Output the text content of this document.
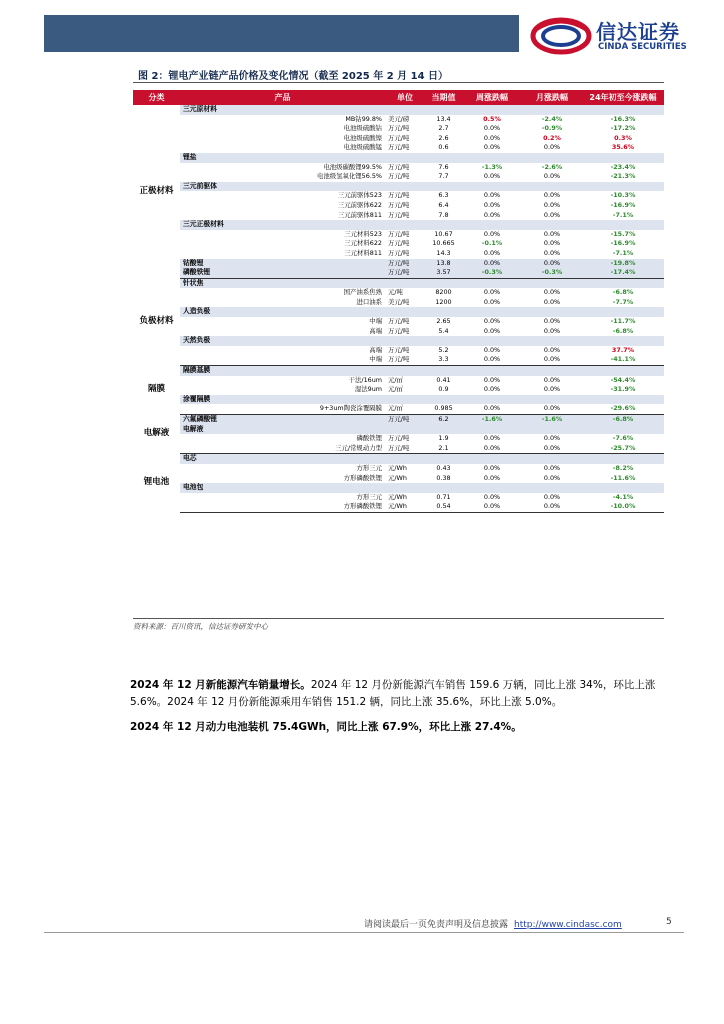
信达证券
CINDA SECURITIES
图 2：锂电产业链产品价格及变化情况（截至 2025 年 2 月 14 日）
分类	产品	单位	当期值	周涨跌幅	月涨跌幅	24年初至今涨跌幅
正极材料	三元原材料					
	MB钴99.8%	美元/磅	13.4	0.5%	-2.4%	-16.3%
	电池级硫酸钴	万元/吨	2.7	0.0%	-0.9%	-17.2%
	电池级硫酸镍	万元/吨	2.6	0.0%	0.2%	0.3%
	电池级硫酸锰	万元/吨	0.6	0.0%	0.0%	35.6%
	锂盐					
	电池级碳酸锂99.5%	万元/吨	7.6	-1.3%	-2.6%	-23.4%
	电池级氢氧化锂56.5%	万元/吨	7.7	0.0%	0.0%	-21.3%
	三元前驱体					
	三元前驱体523	万元/吨	6.3	0.0%	0.0%	-10.3%
	三元前驱体622	万元/吨	6.4	0.0%	0.0%	-16.9%
	三元前驱体811	万元/吨	7.8	0.0%	0.0%	-7.1%
	三元正极材料					
	三元材料523	万元/吨	10.67	0.0%	0.0%	-15.7%
	三元材料622	万元/吨	10.665	-0.1%	0.0%	-16.9%
	三元材料811	万元/吨	14.3	0.0%	0.0%	-7.1%
	钴酸锂	万元/吨	13.8	0.0%	0.0%	-19.8%
	磷酸铁锂	万元/吨	3.57	-0.3%	-0.3%	-17.4%
负极材料	针状焦					
	国产油系焦熟	元/吨	8200	0.0%	0.0%	-6.8%
	进口油系	美元/吨	1200	0.0%	0.0%	-7.7%
	人造负极					
	中端	万元/吨	2.65	0.0%	0.0%	-11.7%
	高端	万元/吨	5.4	0.0%	0.0%	-6.8%
	天然负极					
	高端	万元/吨	5.2	0.0%	0.0%	37.7%
	中端	万元/吨	3.3	0.0%	0.0%	-41.1%
隔膜	隔膜基膜					
	干法/16um	元/㎡	0.41	0.0%	0.0%	-54.4%
	湿法9um	元/㎡	0.9	0.0%	0.0%	-31.9%
	涂覆隔膜					
	9+3um陶瓷涂覆隔膜	元/㎡	0.985	0.0%	0.0%	-29.6%
电解液	六氟磷酸锂	万元/吨	6.2	-1.6%	-1.6%	-6.8%
	电解液					
	磷酸铁锂	万元/吨	1.9	0.0%	0.0%	-7.6%
	三元/常规动力型	万元/吨	2.1	0.0%	0.0%	-25.7%
锂电池	电芯					
	方形三元	元/Wh	0.43	0.0%	0.0%	-8.2%
	方形磷酸铁锂	元/Wh	0.38	0.0%	0.0%	-11.6%
	电池包					
	方形三元	元/Wh	0.71	0.0%	0.0%	-4.1%
	方形磷酸铁锂	元/Wh	0.54	0.0%	0.0%	-10.0%
资料来源：百川资讯，信达证券研发中心
2024 年 12 月新能源汽车销量增长。2024 年 12 月份新能源汽车销售 159.6 万辆，同比上涨 34%，环比上涨 5.6%。2024 年 12 月份新能源乘用车销售 151.2 辆，同比上涨 35.6%，环比上涨 5.0%。
2024 年 12 月动力电池装机 75.4GWh，同比上涨 67.9%，环比上涨 27.4%。
请阅读最后一页免责声明及信息披露 http://www.cindasc.com	5
